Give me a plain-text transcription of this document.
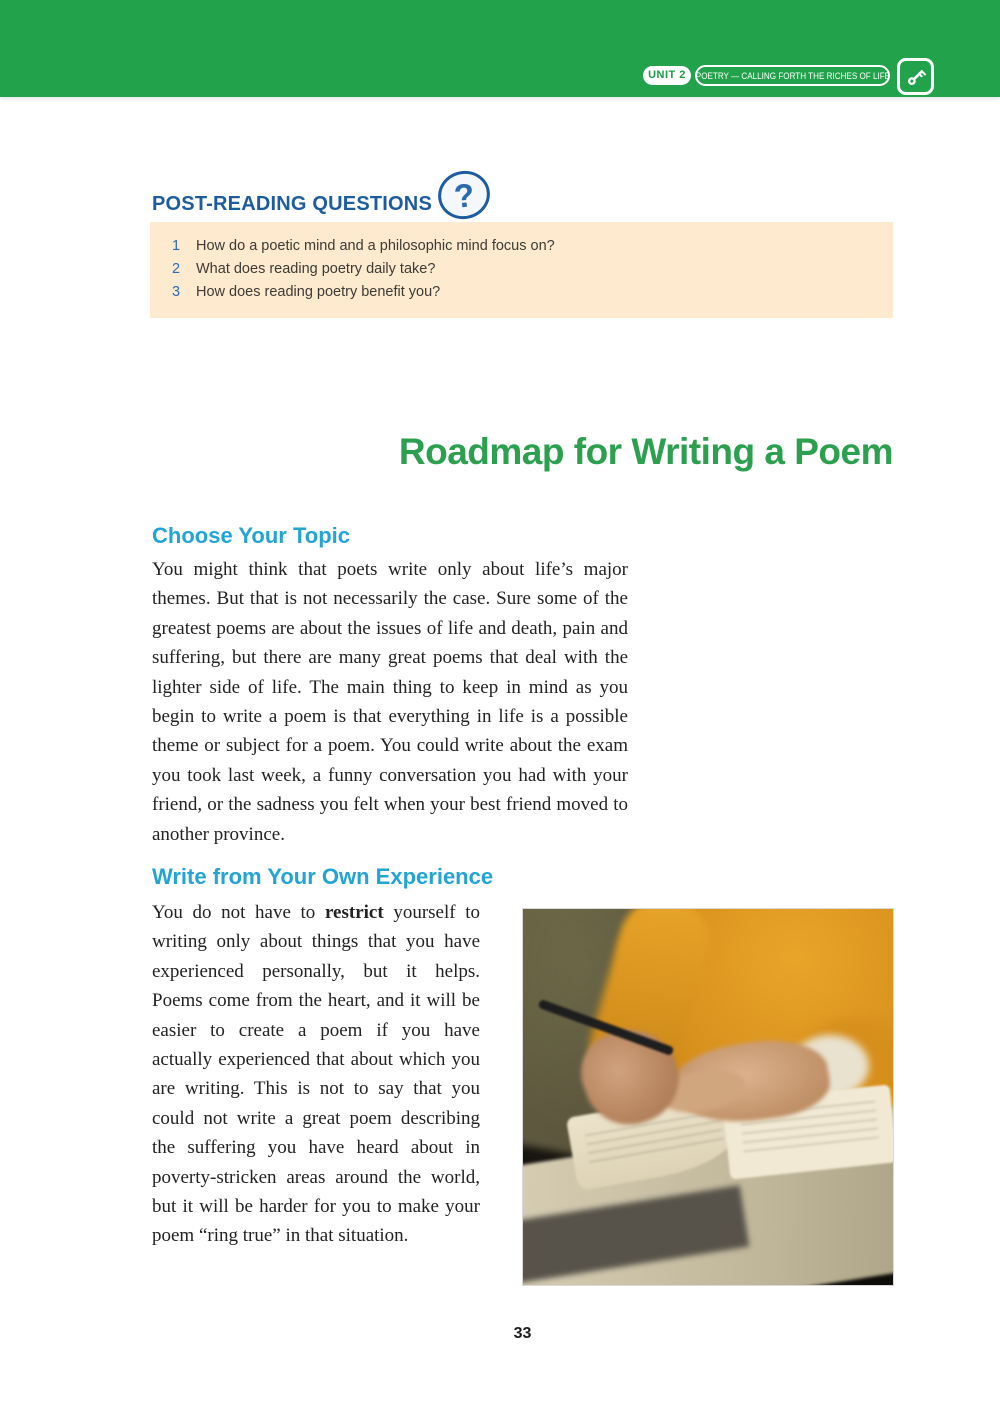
UNIT 2	POETRY — CALLING FORTH THE RICHES OF LIFE
POST-READING QUESTIONS ?
1	How do a poetic mind and a philosophic mind focus on?
2	What does reading poetry daily take?
3	How does reading poetry benefit you?
Roadmap for Writing a Poem
Choose Your Topic
You might think that poets write only about life’s major themes. But that is not necessarily the case. Sure some of the greatest poems are about the issues of life and death, pain and suffering, but there are many great poems that deal with the lighter side of life. The main thing to keep in mind as you begin to write a poem is that everything in life is a possible theme or subject for a poem. You could write about the exam you took last week, a funny conversation you had with your friend, or the sadness you felt when your best friend moved to another province.
Write from Your Own Experience
You do not have to restrict yourself to writing only about things that you have experienced personally, but it helps. Poems come from the heart, and it will be easier to create a poem if you have actually experienced that about which you are writing. This is not to say that you could not write a great poem describing the suffering you have heard about in poverty-stricken areas around the world, but it will be harder for you to make your poem “ring true” in that situation.
33
